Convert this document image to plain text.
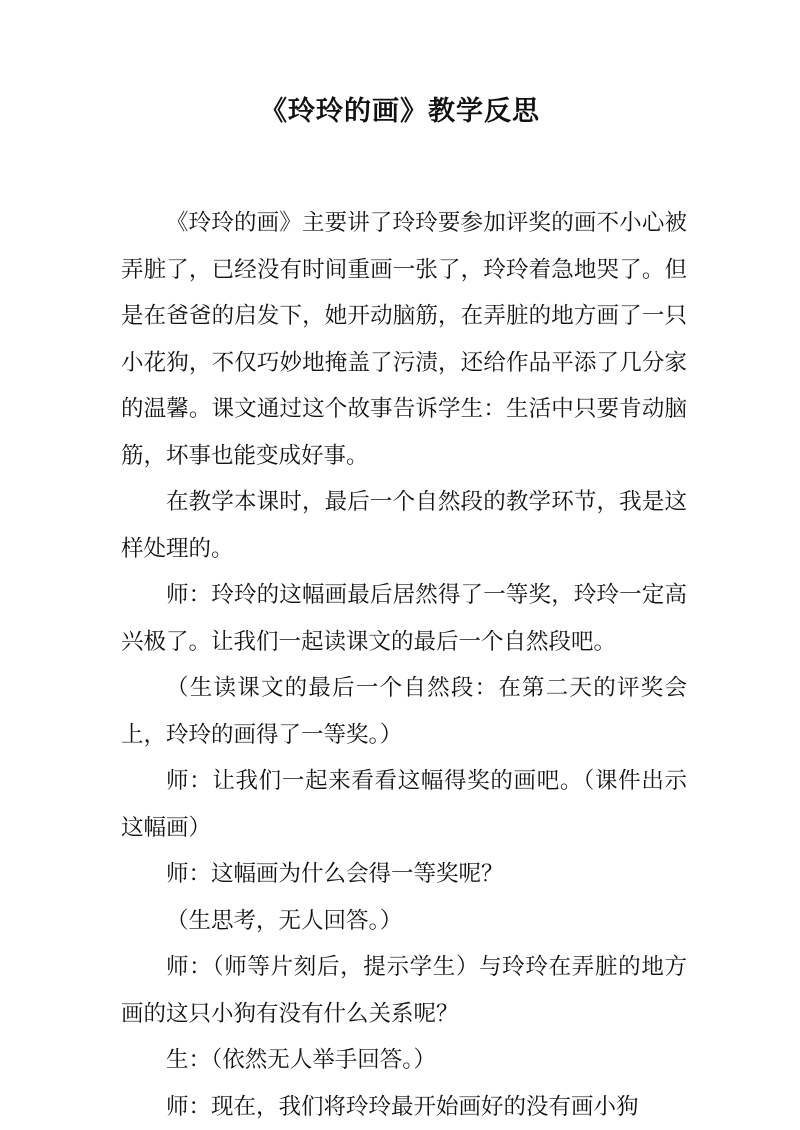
《玲玲的画》教学反思

《玲玲的画》主要讲了玲玲要参加评奖的画不小心被弄脏了，已经没有时间重画一张了，玲玲着急地哭了。但是在爸爸的启发下，她开动脑筋，在弄脏的地方画了一只小花狗，不仅巧妙地掩盖了污渍，还给作品平添了几分家的温馨。课文通过这个故事告诉学生：生活中只要肯动脑筋，坏事也能变成好事。

在教学本课时，最后一个自然段的教学环节，我是这样处理的。

师：玲玲的这幅画最后居然得了一等奖，玲玲一定高兴极了。让我们一起读课文的最后一个自然段吧。

（生读课文的最后一个自然段：在第二天的评奖会上，玲玲的画得了一等奖。）

师：让我们一起来看看这幅得奖的画吧。（课件出示这幅画）

师：这幅画为什么会得一等奖呢？

（生思考，无人回答。）

师：（师等片刻后，提示学生）与玲玲在弄脏的地方画的这只小狗有没有什么关系呢？

生：（依然无人举手回答。）

师：现在，我们将玲玲最开始画好的没有画小狗
